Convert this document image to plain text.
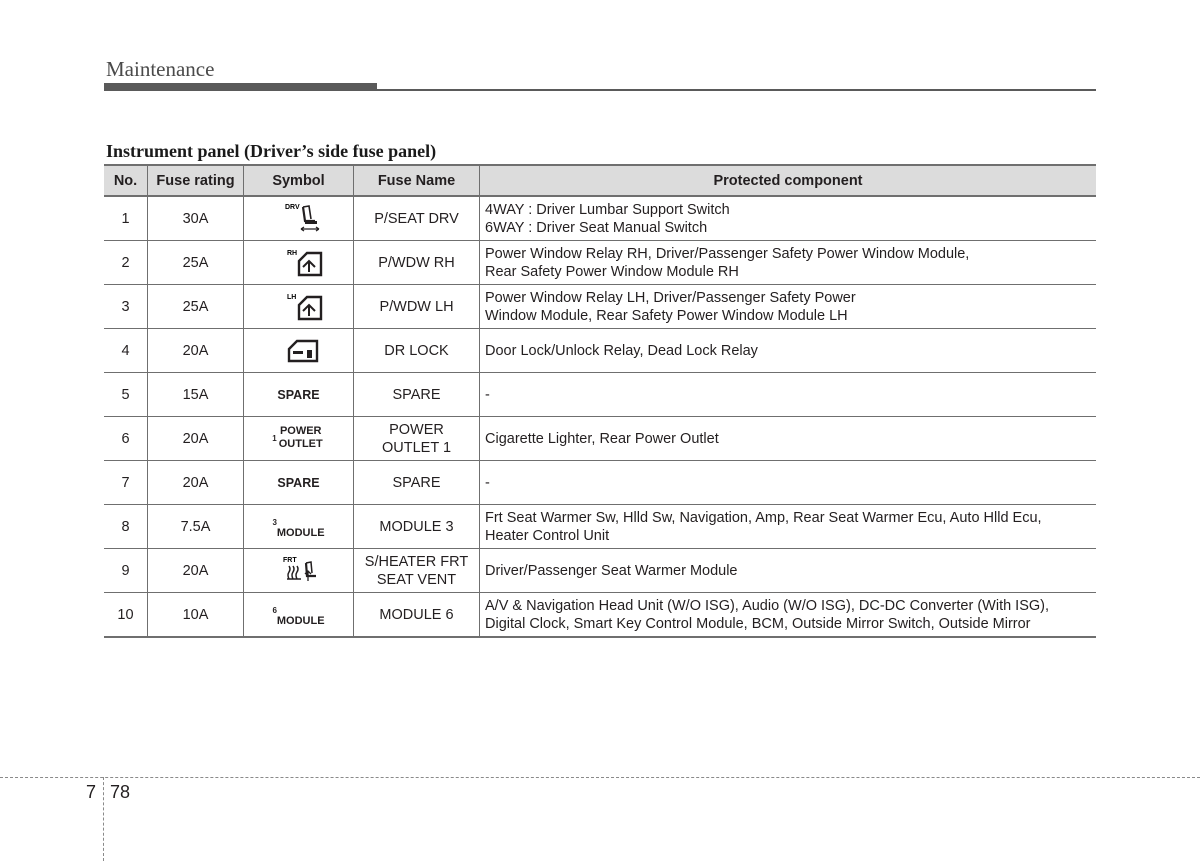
Maintenance
Instrument panel (Driver’s side fuse panel)
No.	Fuse rating	Symbol	Fuse Name	Protected component
1	30A	DRV	P/SEAT DRV	4WAY : Driver Lumbar Support Switch
6WAY : Driver Seat Manual Switch

2	25A	RH	P/WDW RH	Power Window Relay RH, Driver/Passenger Safety Power Window Module,
Rear Safety Power Window Module RH

3	25A	LH	P/WDW LH	Power Window Relay LH, Driver/Passenger Safety Power
Window Module, Rear Safety Power Window Module LH

4	20A		DR LOCK	Door Lock/Unlock Relay, Dead Lock Relay

5	15A	SPARE	SPARE	-

6	20A	$^1$POWER OUTLET	POWER
OUTLET 1	Cigarette Lighter, Rear Power Outlet

7	20A	SPARE	SPARE	-

8	7.5A	$^3$MODULE	MODULE 3	Frt Seat Warmer Sw, Hlld Sw, Navigation, Amp, Rear Seat Warmer Ecu, Auto Hlld Ecu,
Heater Control Unit

9	20A	FRT	S/HEATER FRT
SEAT VENT	Driver/Passenger Seat Warmer Module

10	10A	$^6$MODULE	MODULE 6	A/V & Navigation Head Unit (W/O ISG), Audio (W/O ISG), DC-DC Converter (With ISG),
Digital Clock, Smart Key Control Module, BCM, Outside Mirror Switch, Outside Mirror
7 78
